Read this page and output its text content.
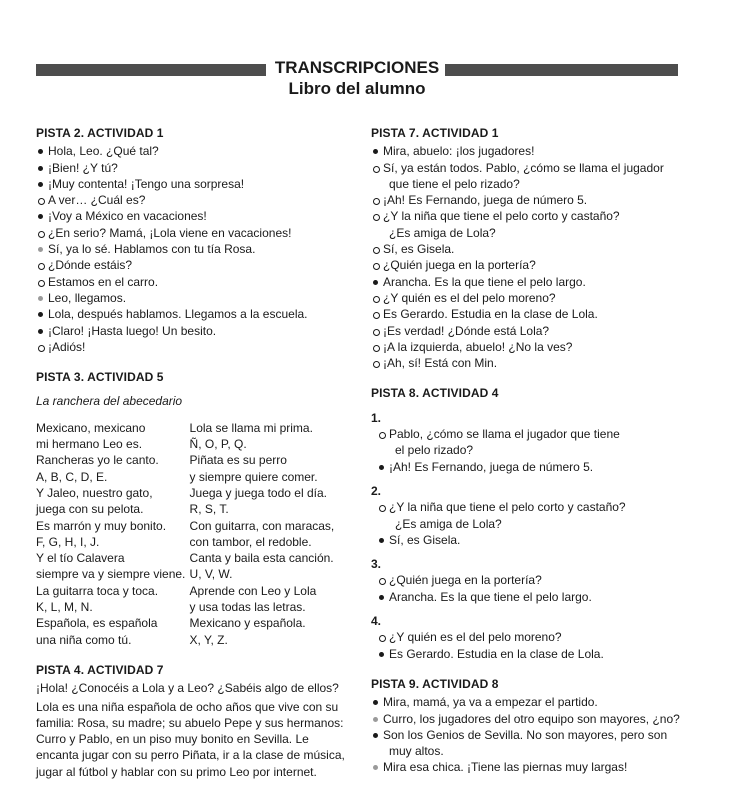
TRANSCRIPCIONES
Libro del alumno
PISTA 2. ACTIVIDAD 1
Hola, Leo. ¿Qué tal?
¡Bien! ¿Y tú?
¡Muy contenta! ¡Tengo una sorpresa!
A ver… ¿Cuál es?
¡Voy a México en vacaciones!
¿En serio? Mamá, ¡Lola viene en vacaciones!
Sí, ya lo sé. Hablamos con tu tía Rosa.
¿Dónde estáis?
Estamos en el carro.
Leo, llegamos.
Lola, después hablamos. Llegamos a la escuela.
¡Claro! ¡Hasta luego! Un besito.
¡Adiós!
PISTA 3. ACTIVIDAD 5
La ranchera del abecedario
Mexicano, mexicano
mi hermano Leo es.
Rancheras yo le canto.
A, B, C, D, E.
Y Jaleo, nuestro gato,
juega con su pelota.
Es marrón y muy bonito.
F, G, H, I, J.
Y el tío Calavera
siempre va y siempre viene.
La guitarra toca y toca.
K, L, M, N.
Española, es española
una niña como tú.
Lola se llama mi prima.
Ñ, O, P, Q.
Piñata es su perro
y siempre quiere comer.
Juega y juega todo el día.
R, S, T.
Con guitarra, con maracas,
con tambor, el redoble.
Canta y baila esta canción.
U, V, W.
Aprende con Leo y Lola
y usa todas las letras.
Mexicano y española.
X, Y, Z.
PISTA 4. ACTIVIDAD 7
¡Hola! ¿Conocéis a Lola y a Leo? ¿Sabéis algo de ellos?
Lola es una niña española de ocho años que vive con su
familia: Rosa, su madre; su abuelo Pepe y sus hermanos:
Curro y Pablo, en un piso muy bonito en Sevilla. Le
encanta jugar con su perro Piñata, ir a la clase de música,
jugar al fútbol y hablar con su primo Leo por internet.
PISTA 7. ACTIVIDAD 1
Mira, abuelo: ¡los jugadores!
Sí, ya están todos. Pablo, ¿cómo se llama el jugador
que tiene el pelo rizado?
¡Ah! Es Fernando, juega de número 5.
¿Y la niña que tiene el pelo corto y castaño?
¿Es amiga de Lola?
Sí, es Gisela.
¿Quién juega en la portería?
Arancha. Es la que tiene el pelo largo.
¿Y quién es el del pelo moreno?
Es Gerardo. Estudia en la clase de Lola.
¡Es verdad! ¿Dónde está Lola?
¡A la izquierda, abuelo! ¿No la ves?
¡Ah, sí! Está con Min.
PISTA 8. ACTIVIDAD 4
1.
Pablo, ¿cómo se llama el jugador que tiene
el pelo rizado?
¡Ah! Es Fernando, juega de número 5.
2.
¿Y la niña que tiene el pelo corto y castaño?
¿Es amiga de Lola?
Sí, es Gisela.
3.
¿Quién juega en la portería?
Arancha. Es la que tiene el pelo largo.
4.
¿Y quién es el del pelo moreno?
Es Gerardo. Estudia en la clase de Lola.
PISTA 9. ACTIVIDAD 8
Mira, mamá, ya va a empezar el partido.
Curro, los jugadores del otro equipo son mayores, ¿no?
Son los Genios de Sevilla. No son mayores, pero son
muy altos.
Mira esa chica. ¡Tiene las piernas muy largas!
